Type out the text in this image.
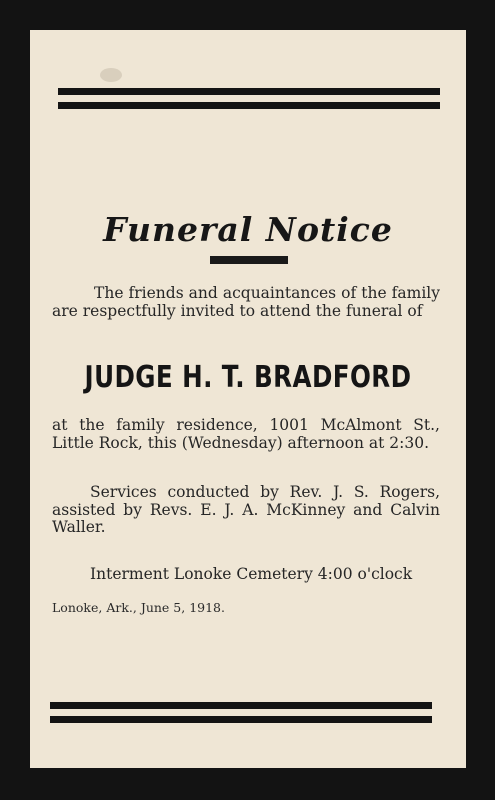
Funeral Notice
The friends and acquaintances of the family are respectfully invited to attend the funeral of
JUDGE H. T. BRADFORD
at the family residence, 1001 McAlmont St., Little Rock, this (Wednesday) afternoon at 2:30.
Services conducted by Rev. J. S. Rogers, assisted by Revs. E. J. A. McKinney and Calvin Waller.
Interment Lonoke Cemetery 4:00 o'clock
Lonoke, Ark., June 5, 1918.
